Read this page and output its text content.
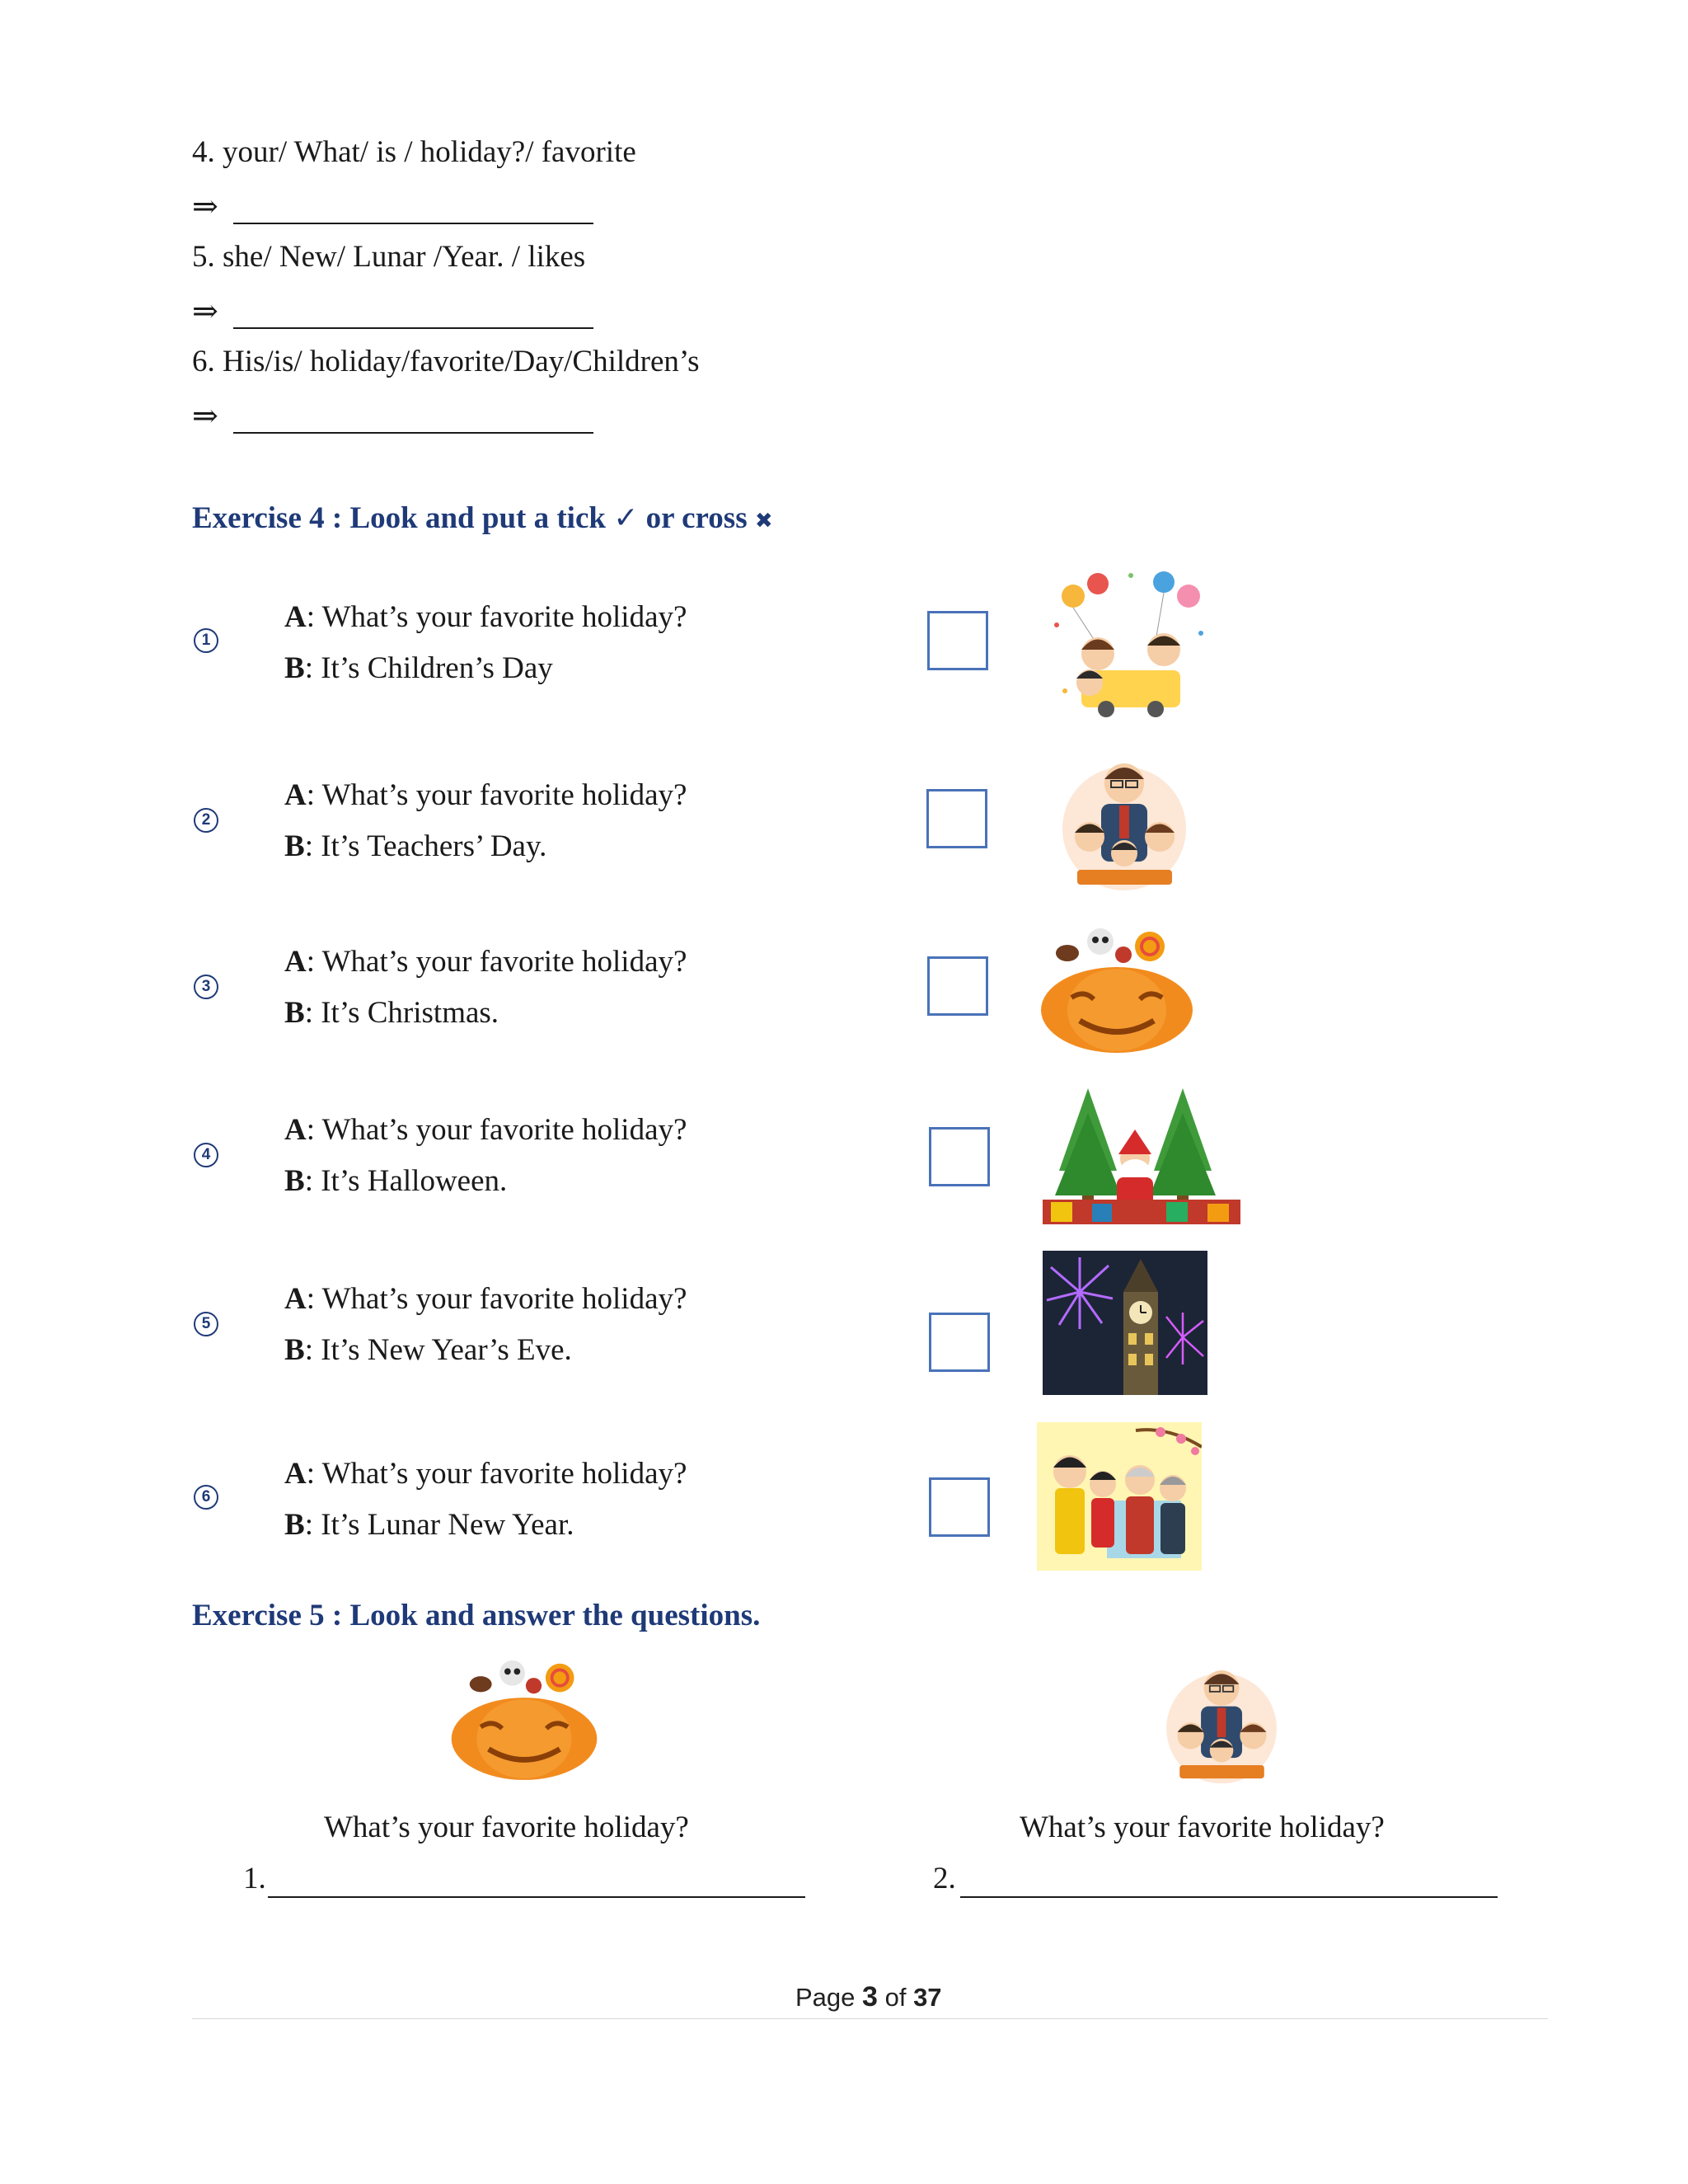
4. your/ What/ is / holiday?/ favorite
⇒
5. she/ New/ Lunar /Year. / likes
⇒
6. His/is/ holiday/favorite/Day/Children’s
⇒
Exercise 4 : Look and put a tick ✓ or cross ✖
1
A: What’s your favorite holiday?
B: It’s Children’s Day
2
A: What’s your favorite holiday?
B: It’s Teachers’ Day.
3
A: What’s your favorite holiday?
B: It’s Christmas.
4
A: What’s your favorite holiday?
B: It’s Halloween.
5
A: What’s your favorite holiday?
B: It’s New Year’s Eve.
6
A: What’s your favorite holiday?
B: It’s Lunar New Year.
Exercise 5 : Look and answer the questions.
What’s your favorite holiday?	What’s your favorite holiday?
1.	2.
Page 3 of 37
